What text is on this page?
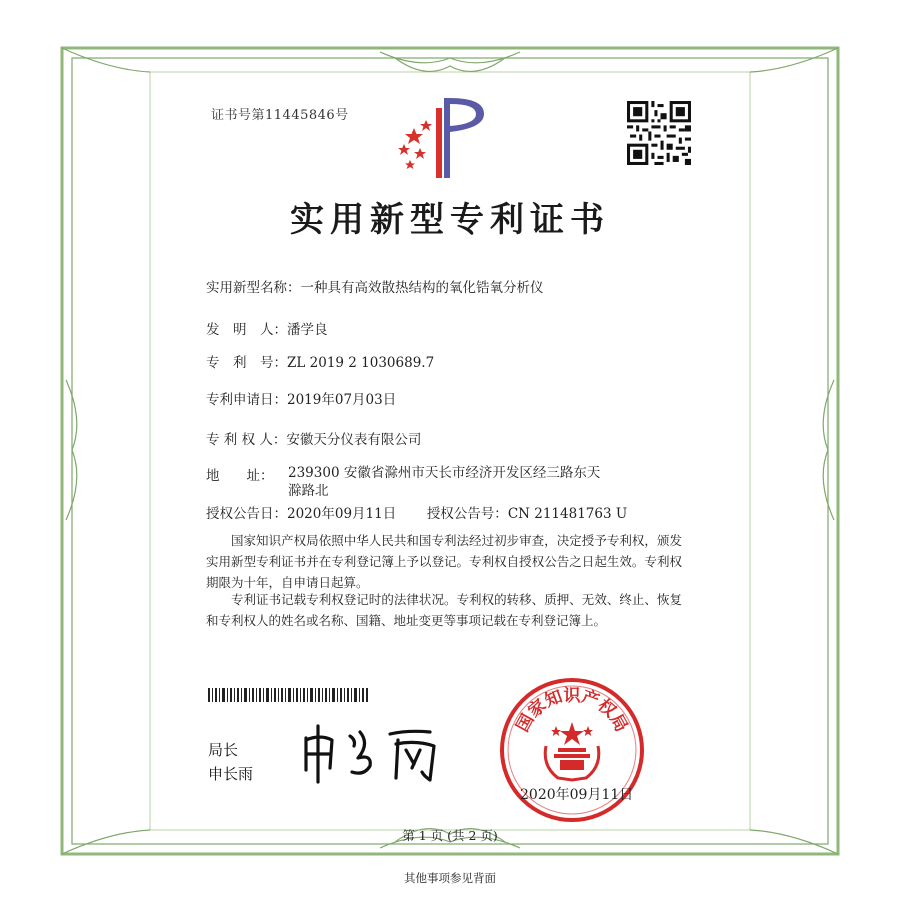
证书号第11445846号
实用新型专利证书
实用新型名称：一种具有高效散热结构的氧化锆氧分析仪
发　明　人：潘学良
专　利　号：ZL 2019 2 1030689.7
专利申请日：2019年07月03日
专 利 权 人：安徽天分仪表有限公司
地　　址： 239300 安徽省滁州市天长市经济开发区经三路东天滁路北
授权公告日：2020年09月11日 授权公告号：CN 211481763 U
国家知识产权局依照中华人民共和国专利法经过初步审查，决定授予专利权，颁发实用新型专利证书并在专利登记簿上予以登记。专利权自授权公告之日起生效。专利权期限为十年，自申请日起算。
专利证书记载专利权登记时的法律状况。专利权的转移、质押、无效、终止、恢复和专利权人的姓名或名称、国籍、地址变更等事项记载在专利登记簿上。
局长
申长雨
国家知识产权局
2020年09月11日
第 1 页 (共 2 页)
其他事项参见背面
